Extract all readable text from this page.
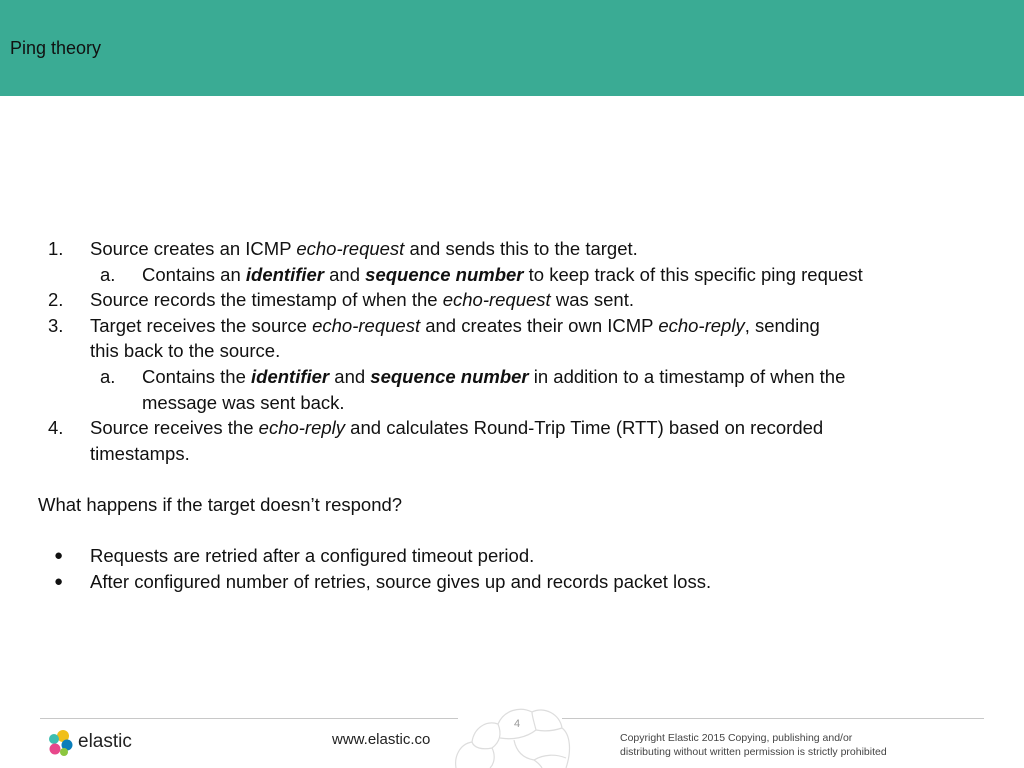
Ping theory
1. Source creates an ICMP echo-request and sends this to the target.
a. Contains an identifier and sequence number to keep track of this specific ping request
2. Source records the timestamp of when the echo-request was sent.
3. Target receives the source echo-request and creates their own ICMP echo-reply, sending
this back to the source.
a. Contains the identifier and sequence number in addition to a timestamp of when the
message was sent back.
4. Source receives the echo-reply and calculates Round-Trip Time (RTT) based on recorded
timestamps.
What happens if the target doesn’t respond?
● Requests are retried after a configured timeout period.
● After configured number of retries, source gives up and records packet loss.
elastic	www.elastic.co
4
Copyright Elastic 2015 Copying, publishing and/or
distributing without written permission is strictly prohibited
